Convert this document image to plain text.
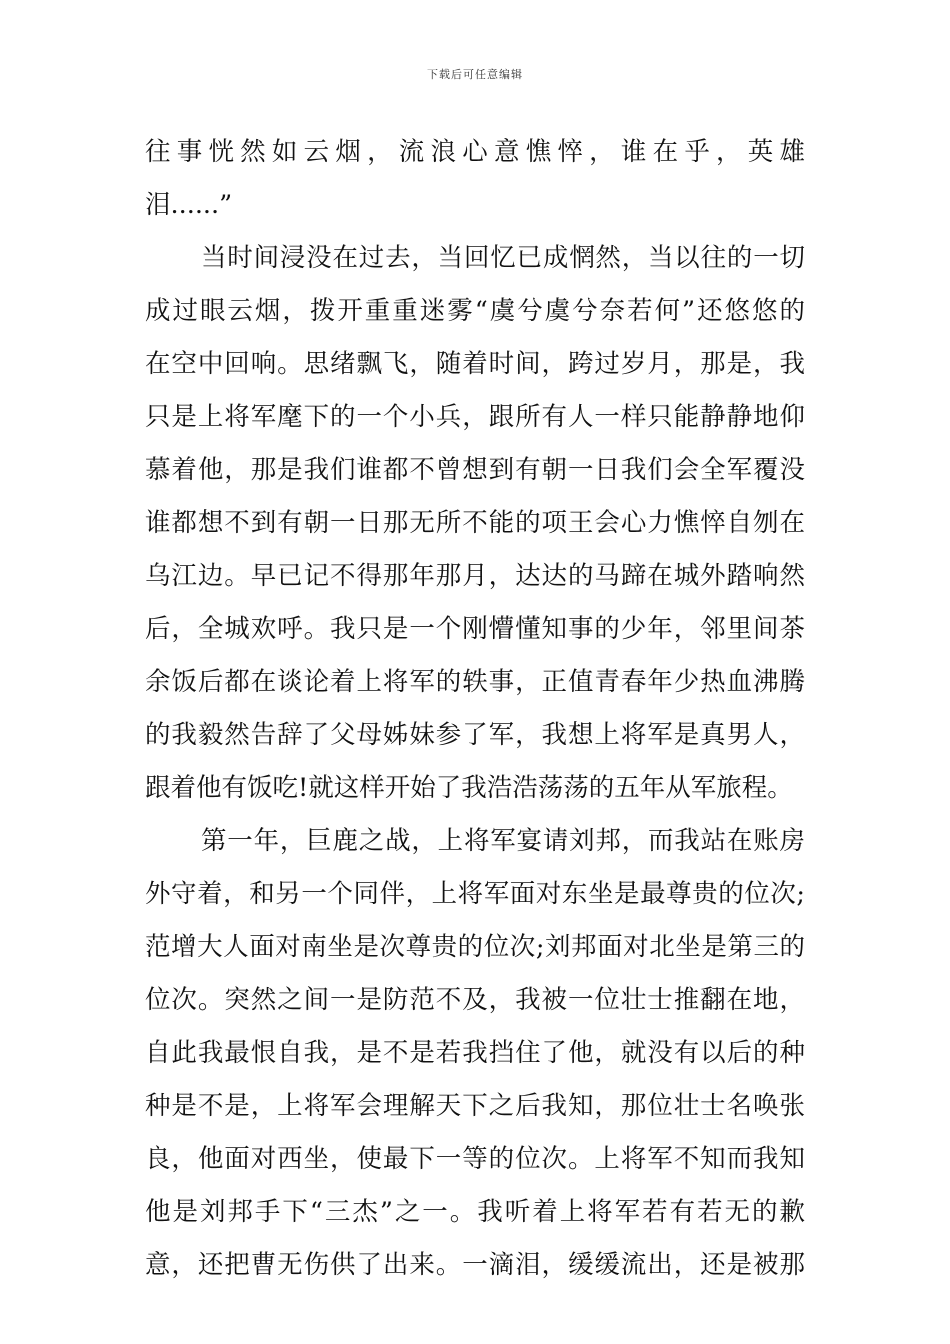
下载后可任意编辑
往事恍然如云烟，流浪心意憔悴，谁在乎，英雄
泪......”
当时间浸没在过去，当回忆已成惘然，当以往的一切
成过眼云烟，拨开重重迷雾“虞兮虞兮奈若何”还悠悠的
在空中回响。思绪飘飞，随着时间，跨过岁月，那是，我
只是上将军麾下的一个小兵，跟所有人一样只能静静地仰
慕着他，那是我们谁都不曾想到有朝一日我们会全军覆没
谁都想不到有朝一日那无所不能的项王会心力憔悴自刎在
乌江边。早已记不得那年那月，达达的马蹄在城外踏响然
后，全城欢呼。我只是一个刚懵懂知事的少年，邻里间茶
余饭后都在谈论着上将军的轶事，正值青春年少热血沸腾
的我毅然告辞了父母姊妹参了军，我想上将军是真男人，
跟着他有饭吃!就这样开始了我浩浩荡荡的五年从军旅程。
第一年，巨鹿之战，上将军宴请刘邦，而我站在账房
外守着，和另一个同伴，上将军面对东坐是最尊贵的位次;
范增大人面对南坐是次尊贵的位次;刘邦面对北坐是第三的
位次。突然之间一是防范不及，我被一位壮士推翻在地，
自此我最恨自我，是不是若我挡住了他，就没有以后的种
种是不是，上将军会理解天下之后我知，那位壮士名唤张
良，他面对西坐，使最下一等的位次。上将军不知而我知
他是刘邦手下“三杰”之一。我听着上将军若有若无的歉
意，还把曹无伤供了出来。一滴泪，缓缓流出，还是被那
